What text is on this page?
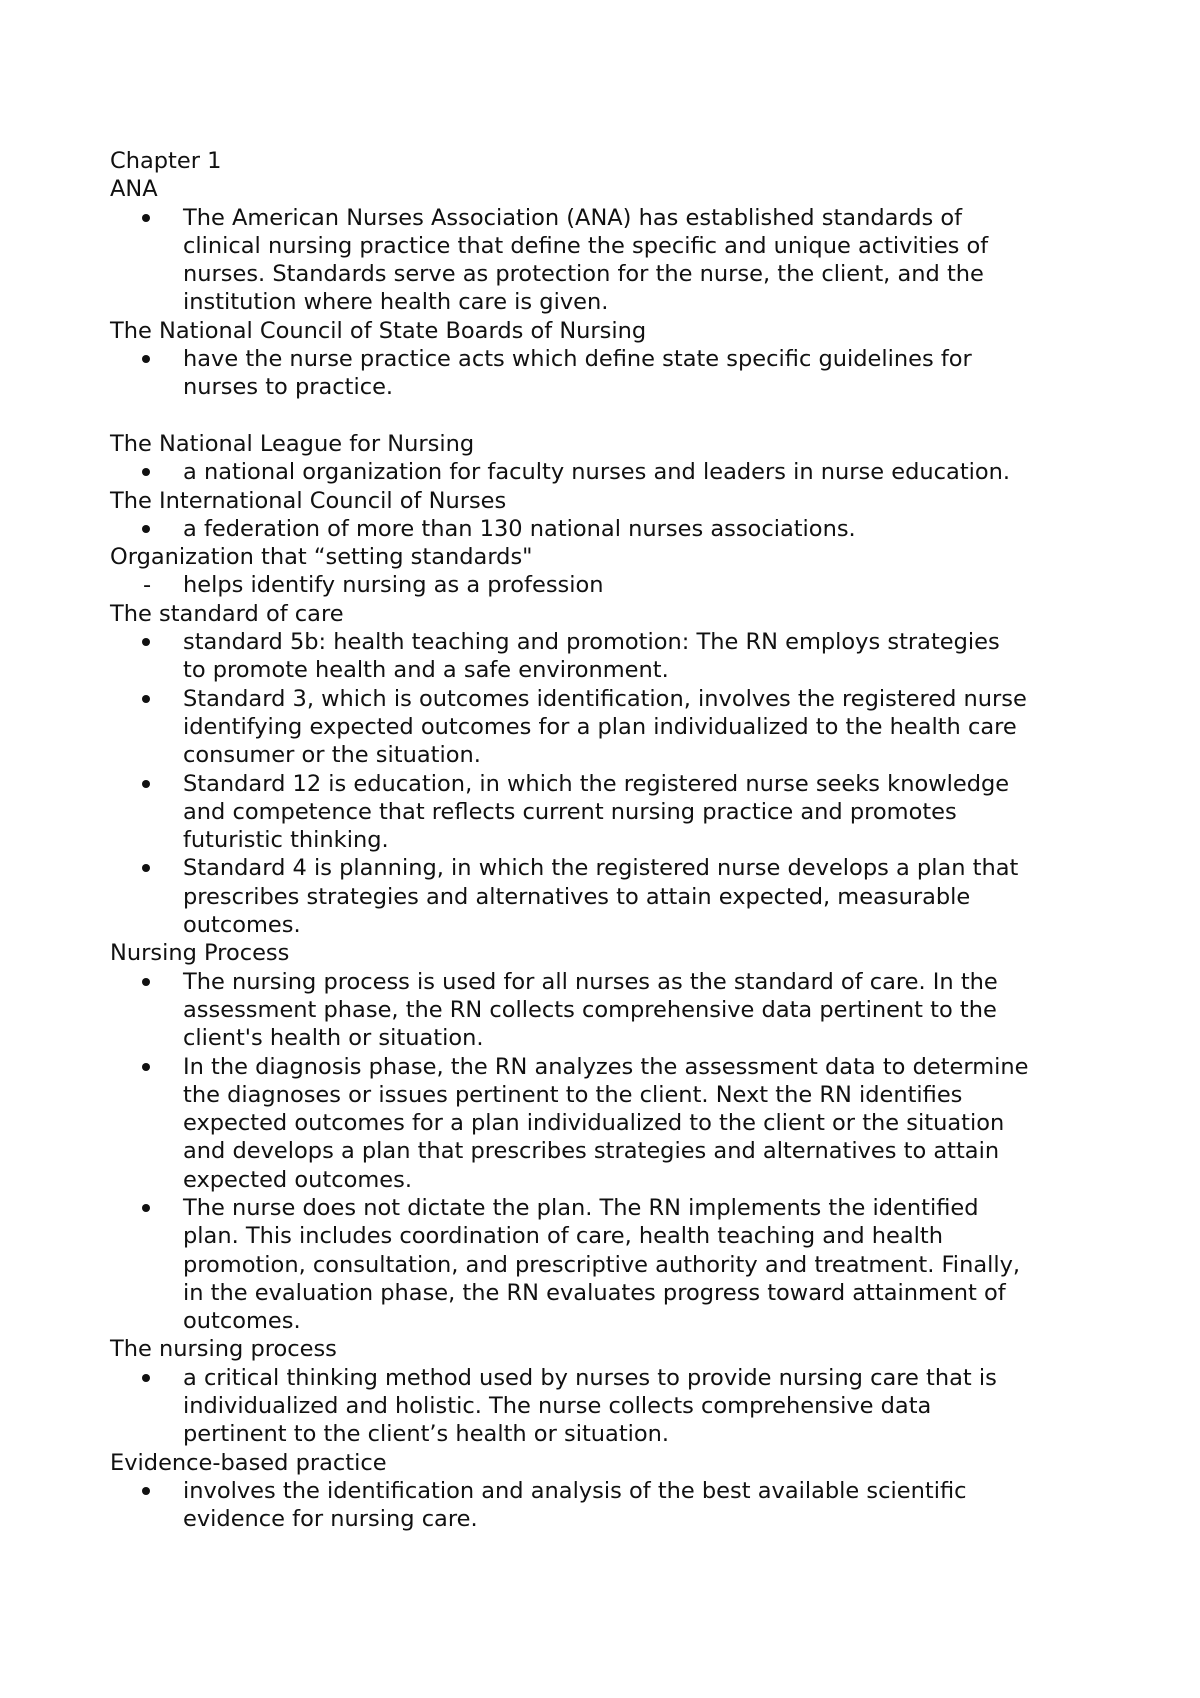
Chapter 1
ANA
The American Nurses Association (ANA) has established standards of
clinical nursing practice that define the specific and unique activities of
nurses. Standards serve as protection for the nurse, the client, and the
institution where health care is given.
The National Council of State Boards of Nursing
have the nurse practice acts which define state specific guidelines for
nurses to practice.
The National League for Nursing
a national organization for faculty nurses and leaders in nurse education.
The International Council of Nurses
a federation of more than 130 national nurses associations.
Organization that “setting standards"
- helps identify nursing as a profession
The standard of care
standard 5b: health teaching and promotion: The RN employs strategies
to promote health and a safe environment.
Standard 3, which is outcomes identification, involves the registered nurse
identifying expected outcomes for a plan individualized to the health care
consumer or the situation.
Standard 12 is education, in which the registered nurse seeks knowledge
and competence that reflects current nursing practice and promotes
futuristic thinking.
Standard 4 is planning, in which the registered nurse develops a plan that
prescribes strategies and alternatives to attain expected, measurable
outcomes.
Nursing Process
The nursing process is used for all nurses as the standard of care. In the
assessment phase, the RN collects comprehensive data pertinent to the
client's health or situation.
In the diagnosis phase, the RN analyzes the assessment data to determine
the diagnoses or issues pertinent to the client. Next the RN identifies
expected outcomes for a plan individualized to the client or the situation
and develops a plan that prescribes strategies and alternatives to attain
expected outcomes.
The nurse does not dictate the plan. The RN implements the identified
plan. This includes coordination of care, health teaching and health
promotion, consultation, and prescriptive authority and treatment. Finally,
in the evaluation phase, the RN evaluates progress toward attainment of
outcomes.
The nursing process
a critical thinking method used by nurses to provide nursing care that is
individualized and holistic. The nurse collects comprehensive data
pertinent to the client’s health or situation.
Evidence-based practice
involves the identification and analysis of the best available scientific
evidence for nursing care.
